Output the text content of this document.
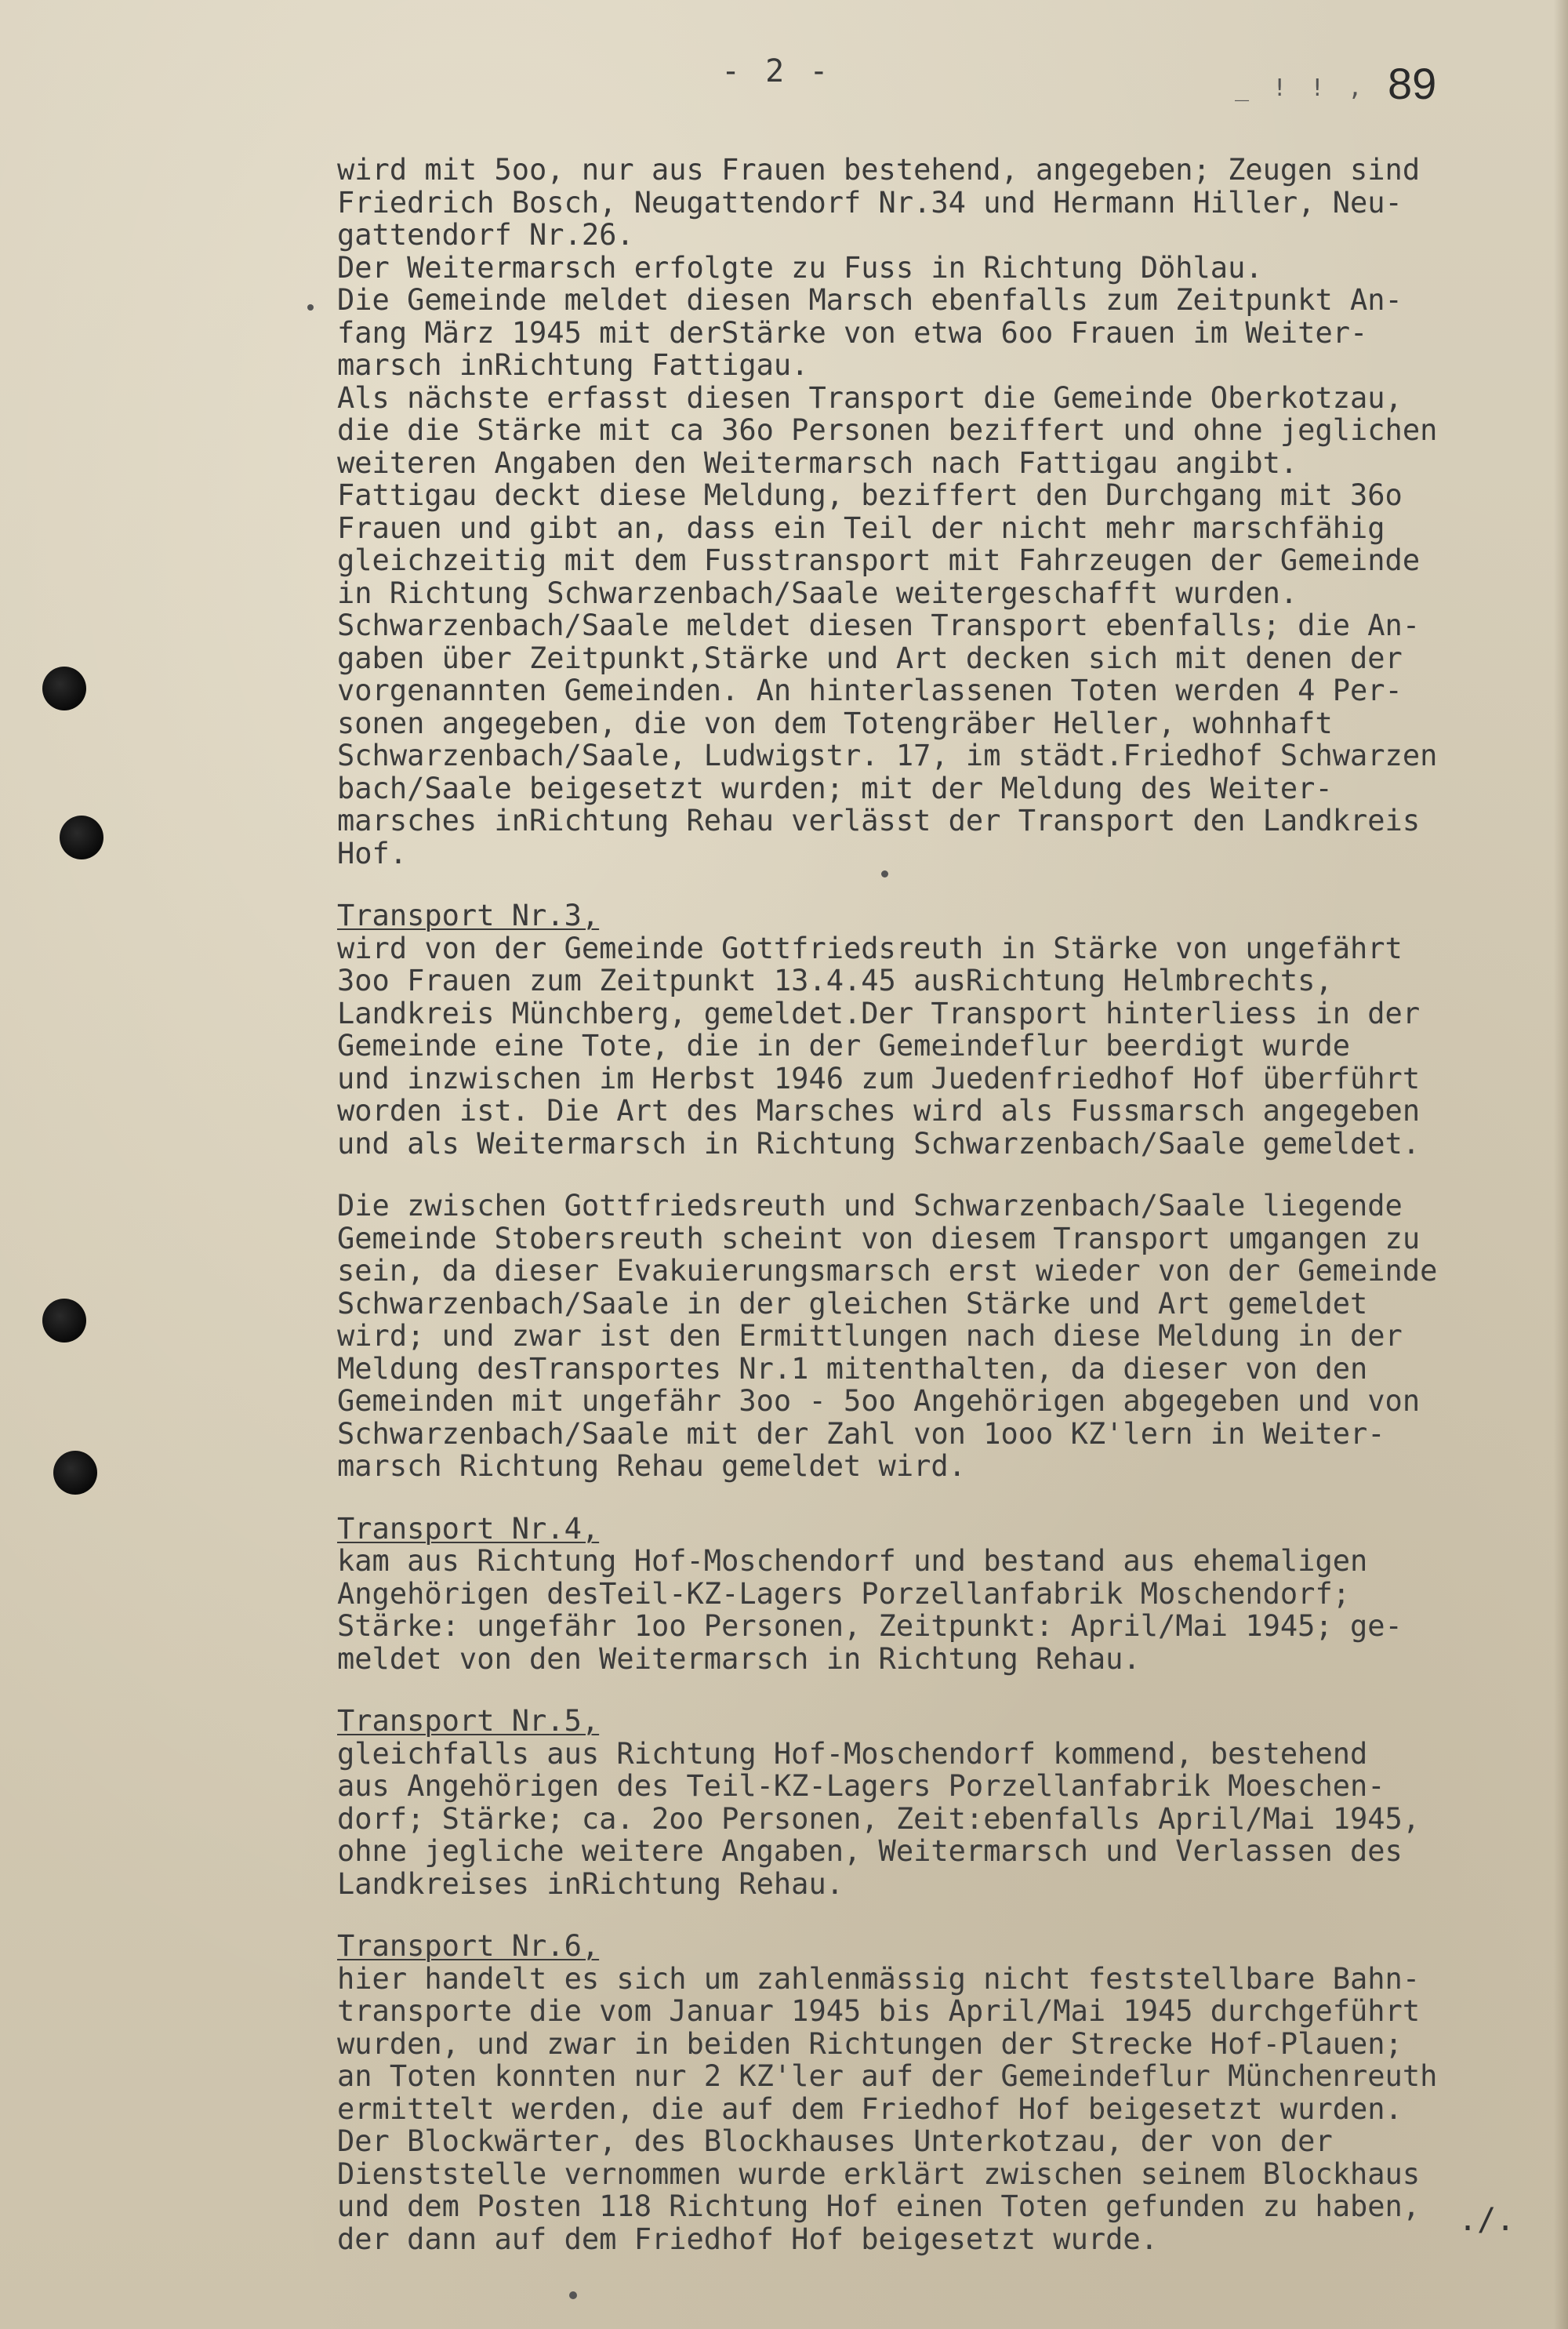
- 2 -	_ ! ! , 89
wird mit 5oo, nur aus Frauen bestehend, angegeben; Zeugen sind
Friedrich Bosch, Neugattendorf Nr.34 und Hermann Hiller, Neu-
gattendorf Nr.26.
Der Weitermarsch erfolgte zu Fuss in Richtung Döhlau.
Die Gemeinde meldet diesen Marsch ebenfalls zum Zeitpunkt An-
fang März 1945 mit derStärke von etwa 6oo Frauen im Weiter-
marsch inRichtung Fattigau.
Als nächste erfasst diesen Transport die Gemeinde Oberkotzau,
die die Stärke mit ca 36o Personen beziffert und ohne jeglichen
weiteren Angaben den Weitermarsch nach Fattigau angibt.
Fattigau deckt diese Meldung, beziffert den Durchgang mit 36o
Frauen und gibt an, dass ein Teil der nicht mehr marschfähig
gleichzeitig mit dem Fusstransport mit Fahrzeugen der Gemeinde
in Richtung Schwarzenbach/Saale weitergeschafft wurden.
Schwarzenbach/Saale meldet diesen Transport ebenfalls; die An-
gaben über Zeitpunkt,Stärke und Art decken sich mit denen der
vorgenannten Gemeinden. An hinterlassenen Toten werden 4 Per-
sonen angegeben, die von dem Totengräber Heller, wohnhaft
Schwarzenbach/Saale, Ludwigstr. 17, im städt.Friedhof Schwarzen
bach/Saale beigesetzt wurden; mit der Meldung des Weiter-
marsches inRichtung Rehau verlässt der Transport den Landkreis
Hof.
Transport Nr.3,
wird von der Gemeinde Gottfriedsreuth in Stärke von ungefährt
3oo Frauen zum Zeitpunkt 13.4.45 ausRichtung Helmbrechts,
Landkreis Münchberg, gemeldet.Der Transport hinterliess in der
Gemeinde eine Tote, die in der Gemeindeflur beerdigt wurde
und inzwischen im Herbst 1946 zum Juedenfriedhof Hof überführt
worden ist. Die Art des Marsches wird als Fussmarsch angegeben
und als Weitermarsch in Richtung Schwarzenbach/Saale gemeldet.
Die zwischen Gottfriedsreuth und Schwarzenbach/Saale liegende
Gemeinde Stobersreuth scheint von diesem Transport umgangen zu
sein, da dieser Evakuierungsmarsch erst wieder von der Gemeinde
Schwarzenbach/Saale in der gleichen Stärke und Art gemeldet
wird; und zwar ist den Ermittlungen nach diese Meldung in der
Meldung desTransportes Nr.1 mitenthalten, da dieser von den
Gemeinden mit ungefähr 3oo - 5oo Angehörigen abgegeben und von
Schwarzenbach/Saale mit der Zahl von 1ooo KZ'lern in Weiter-
marsch Richtung Rehau gemeldet wird.
Transport Nr.4,
kam aus Richtung Hof-Moschendorf und bestand aus ehemaligen
Angehörigen desTeil-KZ-Lagers Porzellanfabrik Moschendorf;
Stärke: ungefähr 1oo Personen, Zeitpunkt: April/Mai 1945; ge-
meldet von den Weitermarsch in Richtung Rehau.
Transport Nr.5,
gleichfalls aus Richtung Hof-Moschendorf kommend, bestehend
aus Angehörigen des Teil-KZ-Lagers Porzellanfabrik Moeschen-
dorf; Stärke; ca. 2oo Personen, Zeit:ebenfalls April/Mai 1945,
ohne jegliche weitere Angaben, Weitermarsch und Verlassen des
Landkreises inRichtung Rehau.
Transport Nr.6,
hier handelt es sich um zahlenmässig nicht feststellbare Bahn-
transporte die vom Januar 1945 bis April/Mai 1945 durchgeführt
wurden, und zwar in beiden Richtungen der Strecke Hof-Plauen;
an Toten konnten nur 2 KZ'ler auf der Gemeindeflur Münchenreuth
ermittelt werden, die auf dem Friedhof Hof beigesetzt wurden.
Der Blockwärter, des Blockhauses Unterkotzau, der von der
Dienststelle vernommen wurde erklärt zwischen seinem Blockhaus
und dem Posten 118 Richtung Hof einen Toten gefunden zu haben,
der dann auf dem Friedhof Hof beigesetzt wurde.
./.
